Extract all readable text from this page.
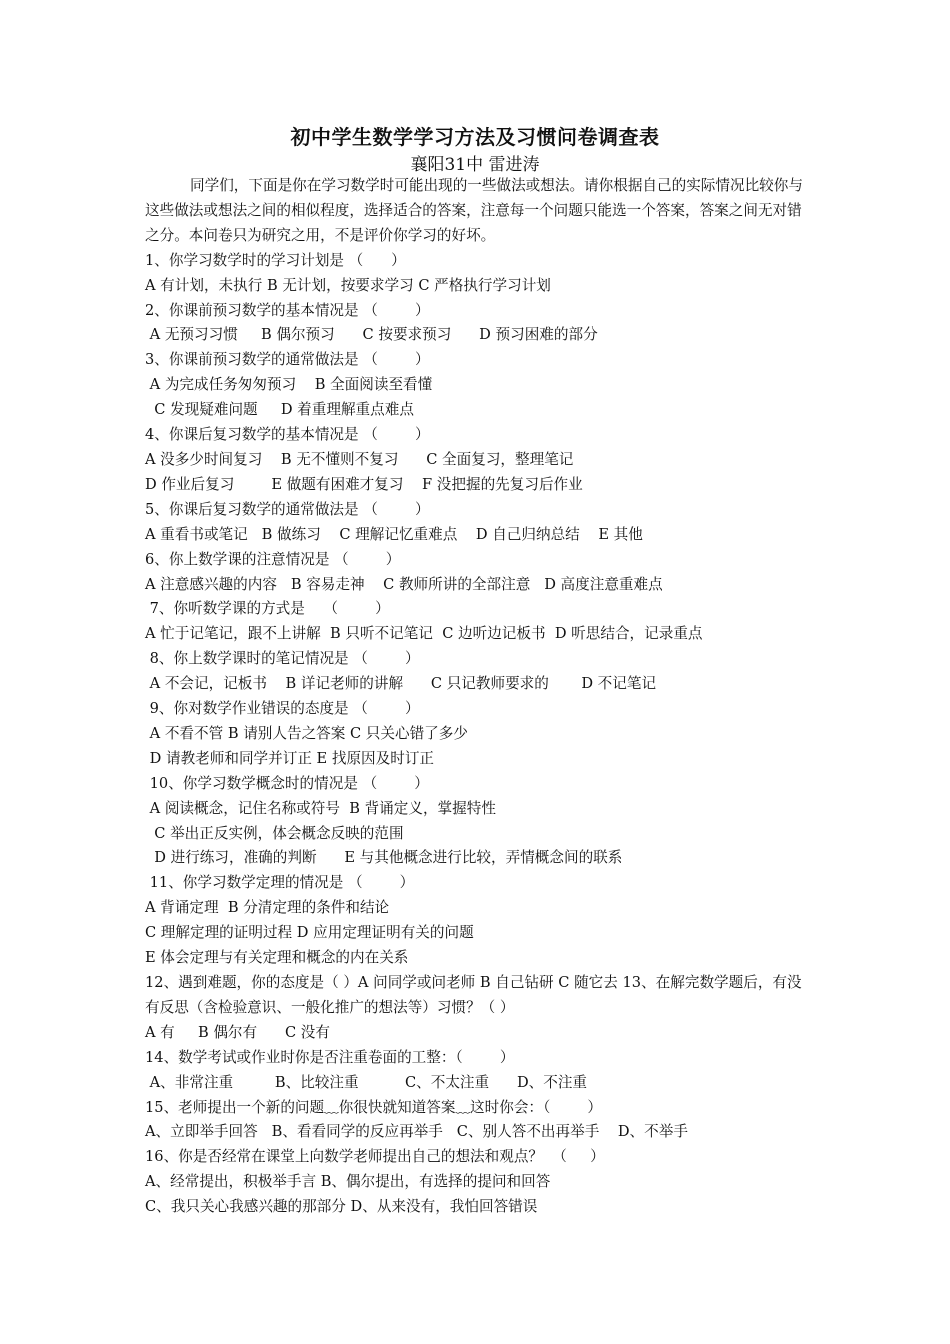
初中学生数学学习方法及习惯问卷调查表
襄阳31中 雷进涛

同学们，下面是你在学习数学时可能出现的一些做法或想法。请你根据自己的实际情况比较你与这些做法或想法之间的相似程度，选择适合的答案，注意每一个问题只能选一个答案，答案之间无对错之分。本问卷只为研究之用，不是评价你学习的好坏。

1、你学习数学时的学习计划是 （      ）

A 有计划，未执行 B 无计划，按要求学习 C 严格执行学习计划

2、你课前预习数学的基本情况是 （        ）

A 无预习习惯     B 偶尔预习      C 按要求预习      D 预习困难的部分

3、你课前预习数学的通常做法是 （        ）

A 为完成任务匆匆预习    B 全面阅读至看懂

C 发现疑难问题     D 着重理解重点难点

4、你课后复习数学的基本情况是 （        ）

A 没多少时间复习    B 无不懂则不复习      C 全面复习，整理笔记

D 作业后复习        E 做题有困难才复习    F 没把握的先复习后作业

5、你课后复习数学的通常做法是 （        ）

A 重看书或笔记   B 做练习    C 理解记忆重难点    D 自己归纳总结    E 其他

6、你上数学课的注意情况是 （        ）

A 注意感兴趣的内容   B 容易走神    C 教师所讲的全部注意   D 高度注意重难点

7、你听数学课的方式是    （        ）

A 忙于记笔记，跟不上讲解  B 只听不记笔记  C 边听边记板书  D 听思结合，记录重点

8、你上数学课时的笔记情况是 （        ）

A 不会记，记板书    B 详记老师的讲解      C 只记教师要求的       D 不记笔记

9、你对数学作业错误的态度是 （        ）

A 不看不管 B 请别人告之答案 C 只关心错了多少

D 请教老师和同学并订正 E 找原因及时订正

10、你学习数学概念时的情况是 （        ）

A 阅读概念，记住名称或符号  B 背诵定义，掌握特性

C 举出正反实例，体会概念反映的范围

D 进行练习，准确的判断      E 与其他概念进行比较，弄情概念间的联系

11、你学习数学定理的情况是 （        ）

A 背诵定理  B 分清定理的条件和结论

C 理解定理的证明过程 D 应用定理证明有关的问题

E 体会定理与有关定理和概念的内在关系

12、遇到难题，你的态度是（ ）A 问同学或问老师 B 自己钻研 C 随它去 13、在解完数学题后，有没有反思（含检验意识、一般化推广的想法等）习惯？（ ）

A 有     B 偶尔有      C 没有

14、数学考试或作业时你是否注重卷面的工整：（        ）

A、非常注重         B、比较注重          C、不太注重      D、不注重

15、老师提出一个新的问题﹏你很快就知道答案﹏这时你会：（        ）

A、立即举手回答   B、看看同学的反应再举手   C、别人答不出再举手    D、不举手

16、你是否经常在课堂上向数学老师提出自己的想法和观点？  （     ）

A、经常提出，积极举手言 B、偶尔提出，有选择的提问和回答

C、我只关心我感兴趣的那部分 D、从来没有，我怕回答错误
